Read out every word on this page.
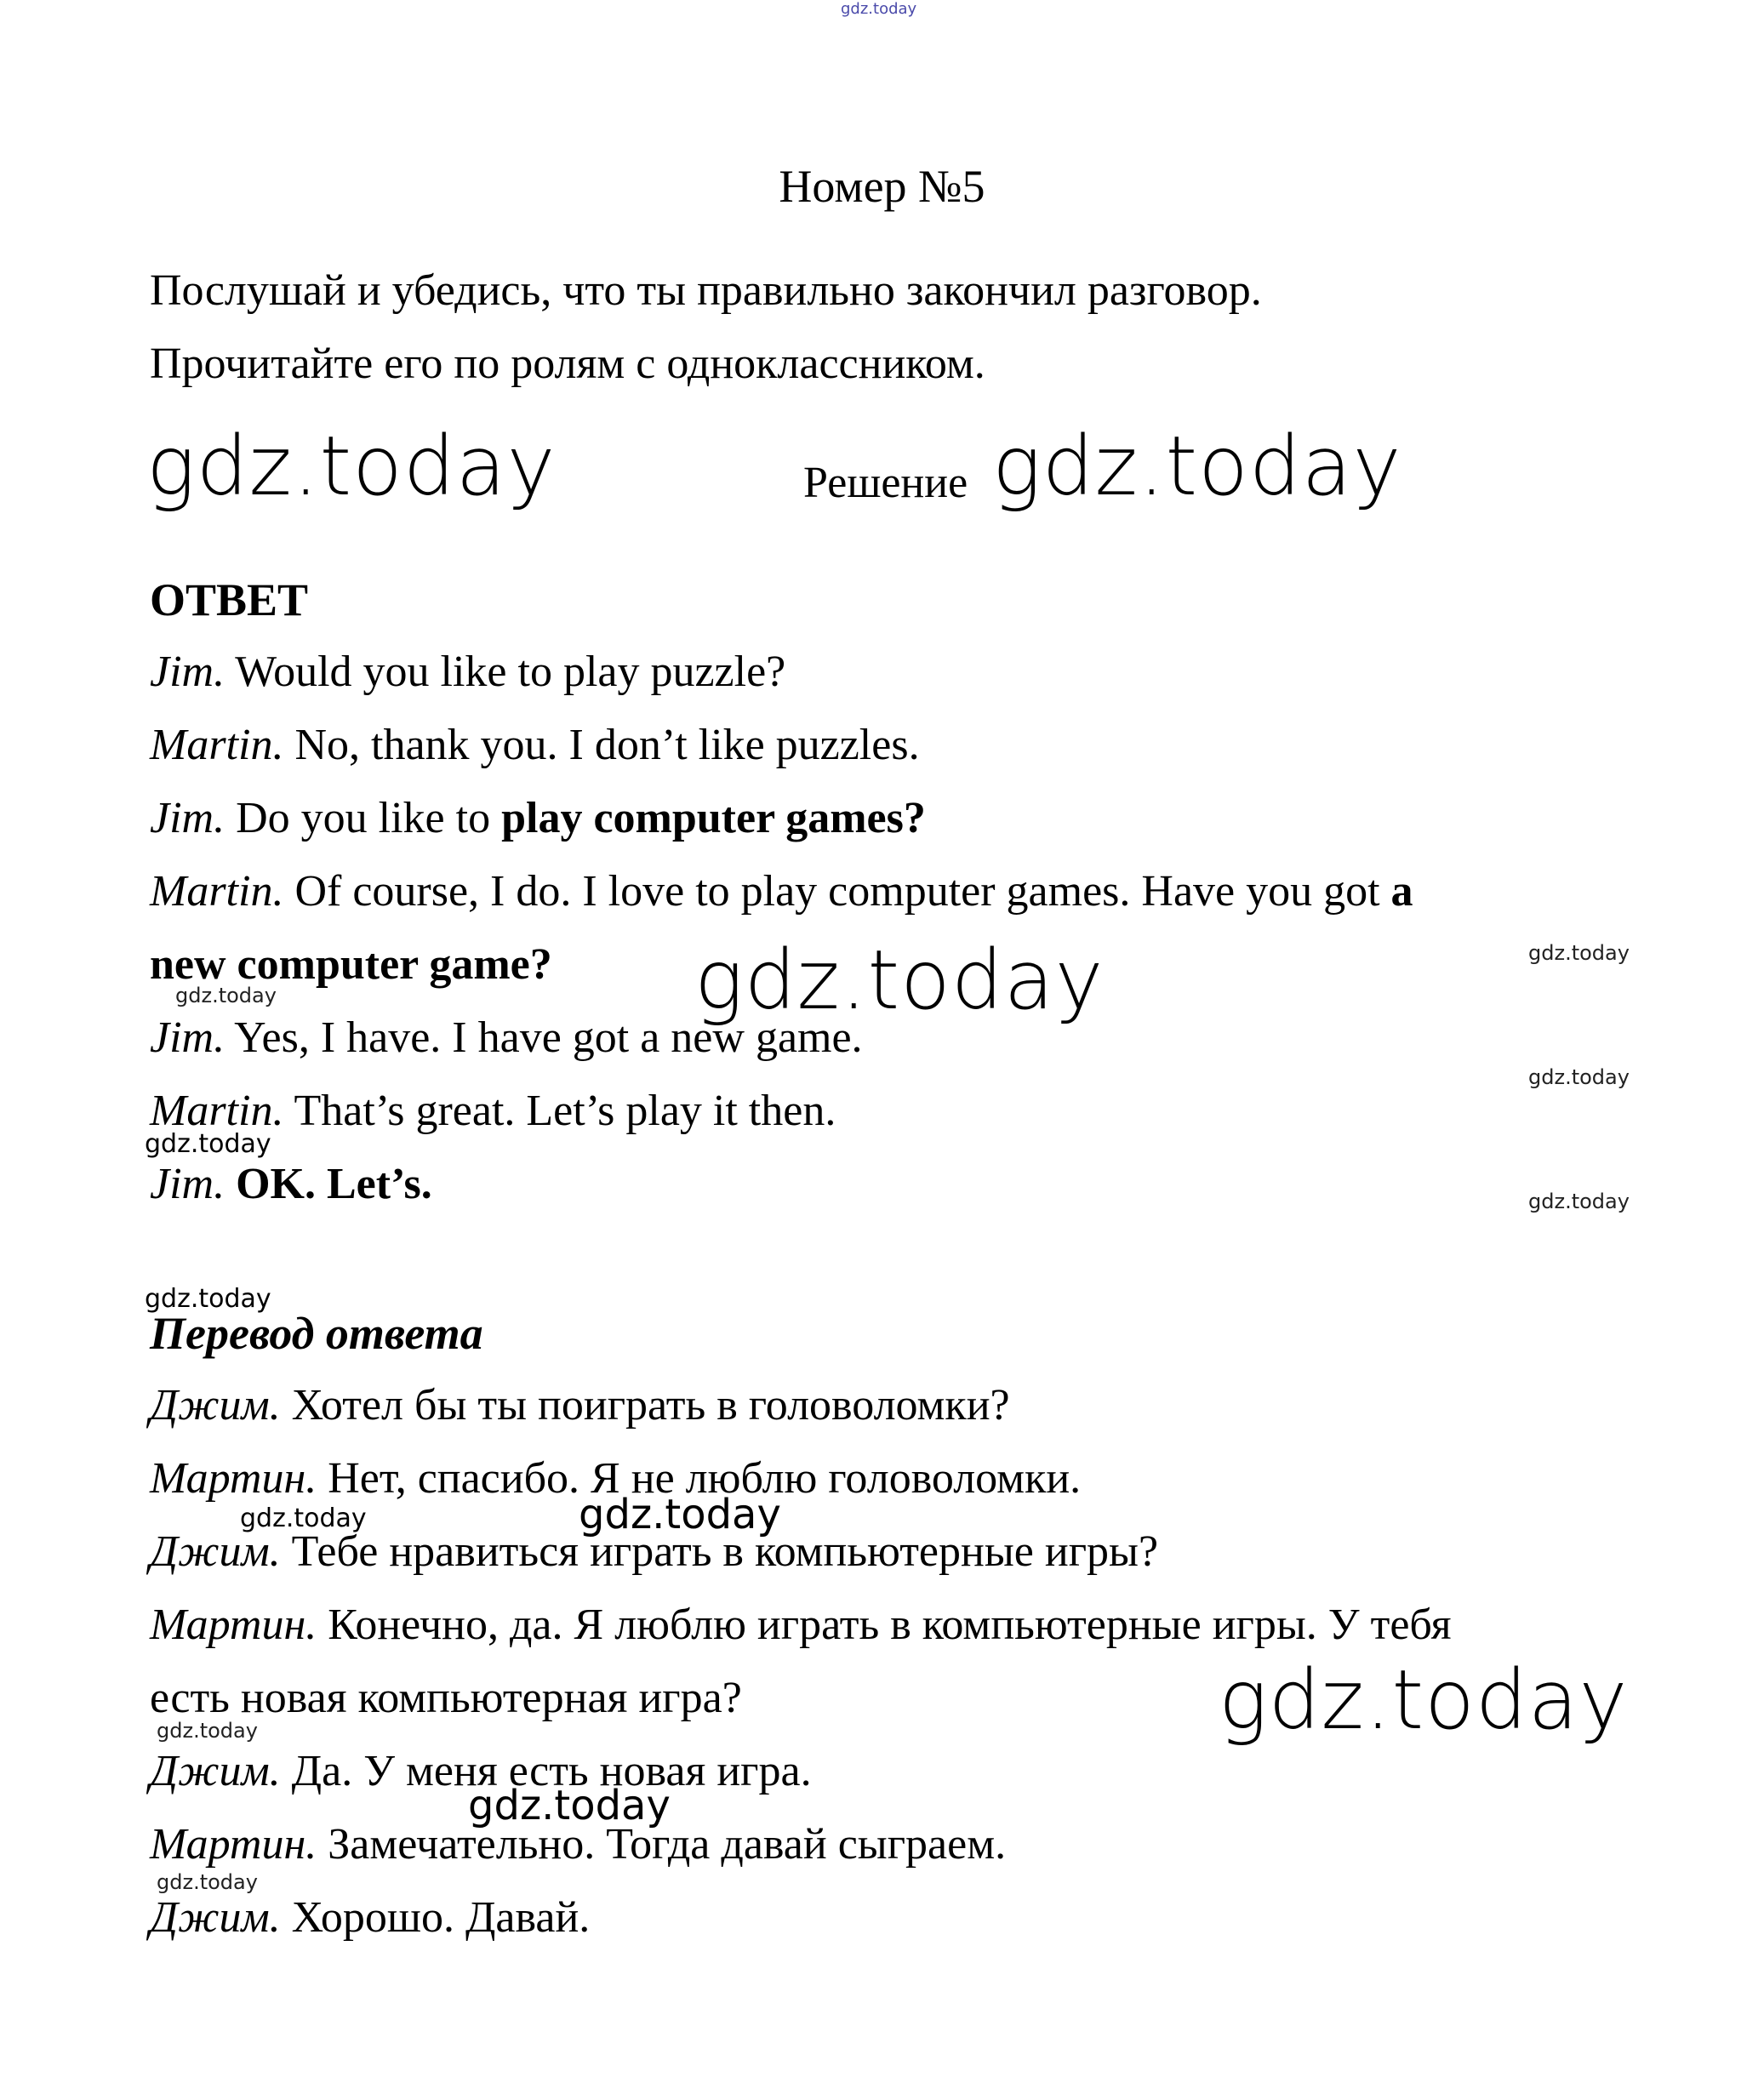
gdz.today
Номер №5
Послушай и убедись, что ты правильно закончил разговор.
Прочитайте его по ролям с одноклассником.
gdz.today	Решение gdz.today
ОТВЕТ
Jim. Would you like to play puzzle?
Martin. No, thank you. I don’t like puzzles.
Jim. Do you like to play computer games?
Martin. Of course, I do. I love to play computer games. Have you got a
new computer game?
Jim. Yes, I have. I have got a new game.
Martin. That’s great. Let’s play it then.
Jim. OK. Let’s.
gdz.today
gdz.today
gdz.today
gdz.today
gdz.today
gdz.today
gdz.today
Перевод ответа
Джим. Хотел бы ты поиграть в головоломки?
Мартин. Нет, спасибо. Я не люблю головоломки.
Джим. Тебе нравиться играть в компьютерные игры?
Мартин. Конечно, да. Я люблю играть в компьютерные игры. У тебя
есть новая компьютерная игра?
Джим. Да. У меня есть новая игра.
Мартин. Замечательно. Тогда давай сыграем.
Джим. Хорошо. Давай.
gdz.today	gdz.today
gdz.today
gdz.today
gdz.today
gdz.today
